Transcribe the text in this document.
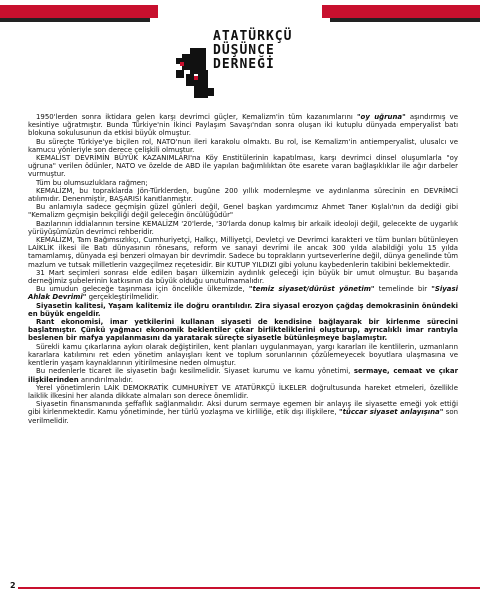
ATATÜRKÇÜ
DÜŞÜNCE
DERNEĞİ

1950'lerden sonra iktidara gelen karşı devrimci güçler, Kemalizm'in tüm kazanımlarını "oy uğruna" aşındırmış ve kesintiye uğratmıştır. Bunda Türkiye'nin İkinci Paylaşım Savaşı'ndan sonra oluşan iki kutuplu dünyada emperyalist batı blokuna sokulusunun da etkisi büyük olmuştur.

Bu süreçte Türkiye'ye biçilen rol, NATO'nun ileri karakolu olmaktı. Bu rol, ise Kemalizm'in antiemperyalist, ulusalcı ve kamucu yönleriyle son derece çelişkili olmuştur.

KEMALİST DEVRİMİN BÜYÜK KAZANIMLARI'na Köy Enstitülerinin kapatılması, karşı devrimci dinsel oluşumlarla "oy uğruna" verilen ödünler, NATO ve özelde de ABD ile yapılan bağımlılıktan öte esarete varan bağlaşıklıklar ile ağır darbeler vurmuştur.

Tüm bu olumsuzluklara rağmen;

KEMALİZM, bu topraklarda Jön-Türklerden, bugüne 200 yıllık modernleşme ve aydınlanma sürecinin en DEVRİMCİ atılımıdır. Denenmiştir, BAŞARISI kanıtlanmıştır.

Bu anlamıyla sadece geçmişin güzel günleri değil, Genel başkan yardımcımız Ahmet Taner Kışlalı'nın da dediği gibi "Kemalizm geçmişin bekçiliği değil geleceğin öncülüğüdür"

Bazılarının iddialarının tersine KEMALİZM '20'lerde, '30'larda donup kalmış bir arkaik ideoloji değil, gelecekte de uygarlık yürüyüşümüzün devrimci rehberidir.

KEMALİZM, Tam Bağımsızlıkçı, Cumhuriyetçi, Halkçı, Milliyetçi, Devletçi ve Devrimci karakteri ve tüm bunları bütünleyen LAİKLİK ilkesi ile Batı dünyasının rönesans, reform ve sanayi devrimi ile ancak 300 yılda alabildiği yolu 15 yılda tamamlamış, dünyada eşi benzeri olmayan bir devrimdir. Sadece bu toprakların yurtseverlerine değil, dünya genelinde tüm mazlum ve tutsak milletlerin vazgeçilmez reçetesidir. Bir KUTUP YILDIZI gibi yolunu kaybedenlerin takibini beklemektedir.

31 Mart seçimleri sonrası elde edilen başarı ülkemizin aydınlık geleceği için büyük bir umut olmuştur. Bu başarıda derneğimiz şubelerinin katkısının da büyük olduğu unutulmamalıdır.

Bu umudun geleceğe taşınması için öncelikle ülkemizde, "temiz siyaset/dürüst yönetim" temelinde bir "Siyasi Ahlak Devrimi" gerçekleştirilmelidir.

Siyasetin kalitesi, Yaşam kalitemiz ile doğru orantılıdır. Zira siyasal erozyon çağdaş demokrasinin önündeki en büyük engeldir.

Rant ekonomisi, imar yetkilerini kullanan siyaseti de kendisine bağlayarak bir kirlenme sürecini başlatmıştır. Çünkü yağmacı ekonomik beklentiler çıkar birlikteliklerini oluşturup, ayrıcalıklı imar rantıyla beslenen bir mafya yapılanmasını da yaratarak süreçte siyasetle bütünleşmeye başlamıştır.

Sürekli kamu çıkarlarına aykırı olarak değiştirilen, kent planları uygulanmayan, yargı kararları ile kentlilerin, uzmanların kararlara katılımını ret eden yönetim anlayışları kent ve toplum sorunlarının çözülemeyecek boyutlara ulaşmasına ve kentlerin yaşam kaynaklarının yitirilmesine neden olmuştur.

Bu nedenlerle ticaret ile siyasetin bağı kesilmelidir. Siyaset kurumu ve kamu yönetimi, sermaye, cemaat ve çıkar ilişkilerinden arındırılmalıdır.

Yerel yönetimlerin LAİK DEMOKRATİK CUMHURİYET VE ATATÜRKÇÜ İLKELER doğrultusunda hareket etmeleri, özellikle laiklik ilkesini her alanda dikkate almaları son derece önemlidir.

Siyasetin finansmanında şeffaflık sağlanmalıdır. Aksi durum sermaye egemen bir anlayış ile siyasette emeği yok ettiği gibi kirlenmektedir. Kamu yönetiminde, her türlü yozlaşma ve kirliliğe, etik dışı ilişkilere, "tüccar siyaset anlayışına" son verilmelidir.

2
